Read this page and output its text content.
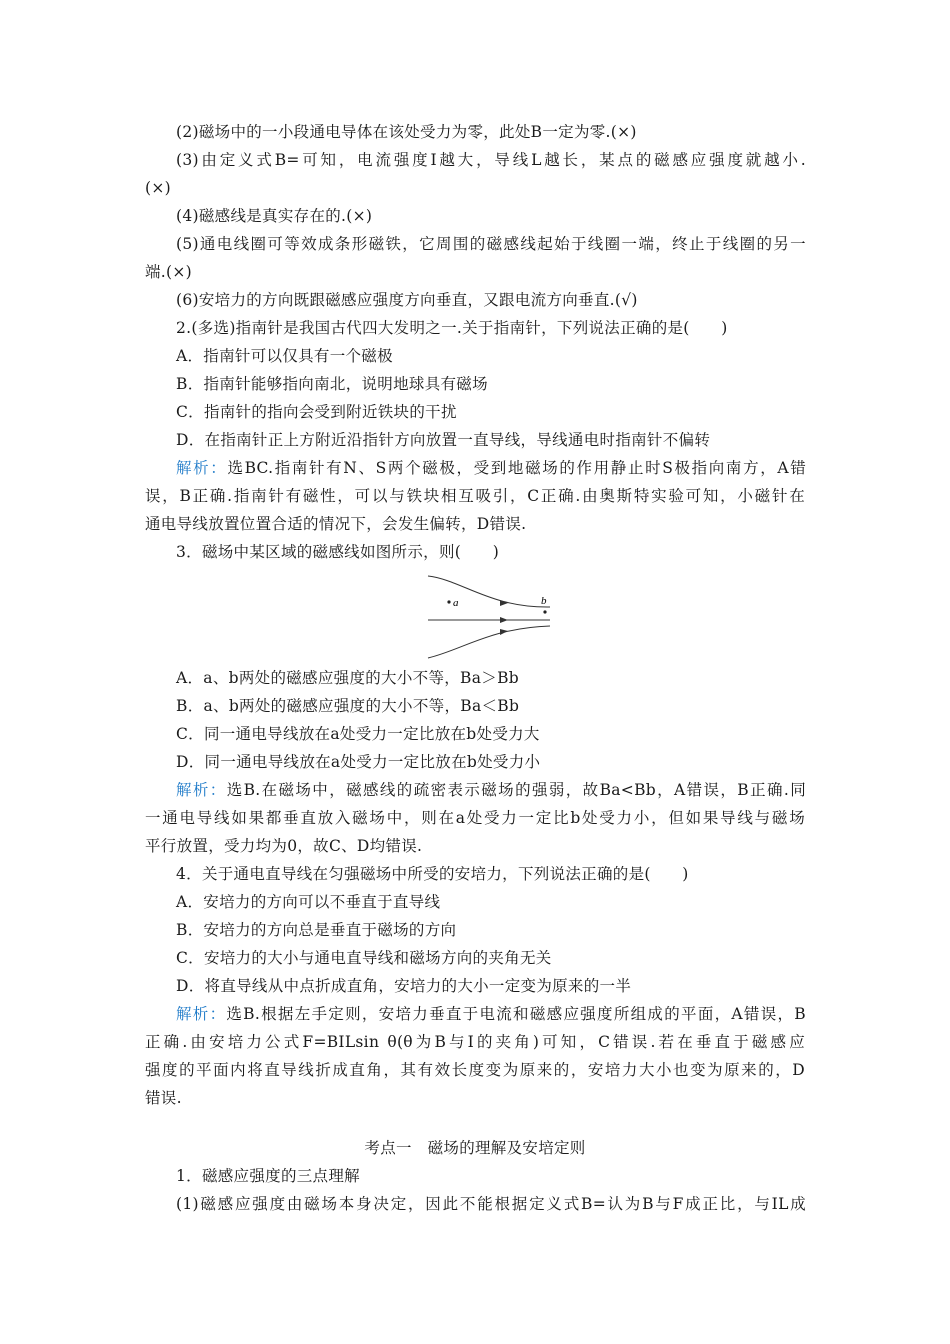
(2)磁场中的一小段通电导体在该处受力为零，此处B一定为零.(×)
(3)由定义式B=可知，电流强度I越大，导线L越长，某点的磁感应强度就越小.
(×)
(4)磁感线是真实存在的.(×)
(5)通电线圈可等效成条形磁铁，它周围的磁感线起始于线圈一端，终止于线圈的另一
端.(×)
(6)安培力的方向既跟磁感应强度方向垂直，又跟电流方向垂直.(√)
2.(多选)指南针是我国古代四大发明之一.关于指南针，下列说法正确的是(　　)
A．指南针可以仅具有一个磁极
B．指南针能够指向南北，说明地球具有磁场
C．指南针的指向会受到附近铁块的干扰
D．在指南针正上方附近沿指针方向放置一直导线，导线通电时指南针不偏转
解析：选BC.指南针有N、S两个磁极，受到地磁场的作用静止时S极指向南方，A错
误，B正确.指南针有磁性，可以与铁块相互吸引，C正确.由奥斯特实验可知，小磁针在
通电导线放置位置合适的情况下，会发生偏转，D错误.
3．磁场中某区域的磁感线如图所示，则(　　)
a	b
A．a、b两处的磁感应强度的大小不等，Ba＞Bb
B．a、b两处的磁感应强度的大小不等，Ba＜Bb
C．同一通电导线放在a处受力一定比放在b处受力大
D．同一通电导线放在a处受力一定比放在b处受力小
解析：选B.在磁场中，磁感线的疏密表示磁场的强弱，故Ba<Bb，A错误，B正确.同
一通电导线如果都垂直放入磁场中，则在a处受力一定比b处受力小，但如果导线与磁场
平行放置，受力均为0，故C、D均错误.
4．关于通电直导线在匀强磁场中所受的安培力，下列说法正确的是(　　)
A．安培力的方向可以不垂直于直导线
B．安培力的方向总是垂直于磁场的方向
C．安培力的大小与通电直导线和磁场方向的夹角无关
D．将直导线从中点折成直角，安培力的大小一定变为原来的一半
解析：选B.根据左手定则，安培力垂直于电流和磁感应强度所组成的平面，A错误，B
正确.由安培力公式F=BILsin θ(θ为B与I的夹角)可知，C错误.若在垂直于磁感应
强度的平面内将直导线折成直角，其有效长度变为原来的，安培力大小也变为原来的，D
错误.
考点一　磁场的理解及安培定则
1．磁感应强度的三点理解
(1)磁感应强度由磁场本身决定，因此不能根据定义式B=认为B与F成正比，与IL成
